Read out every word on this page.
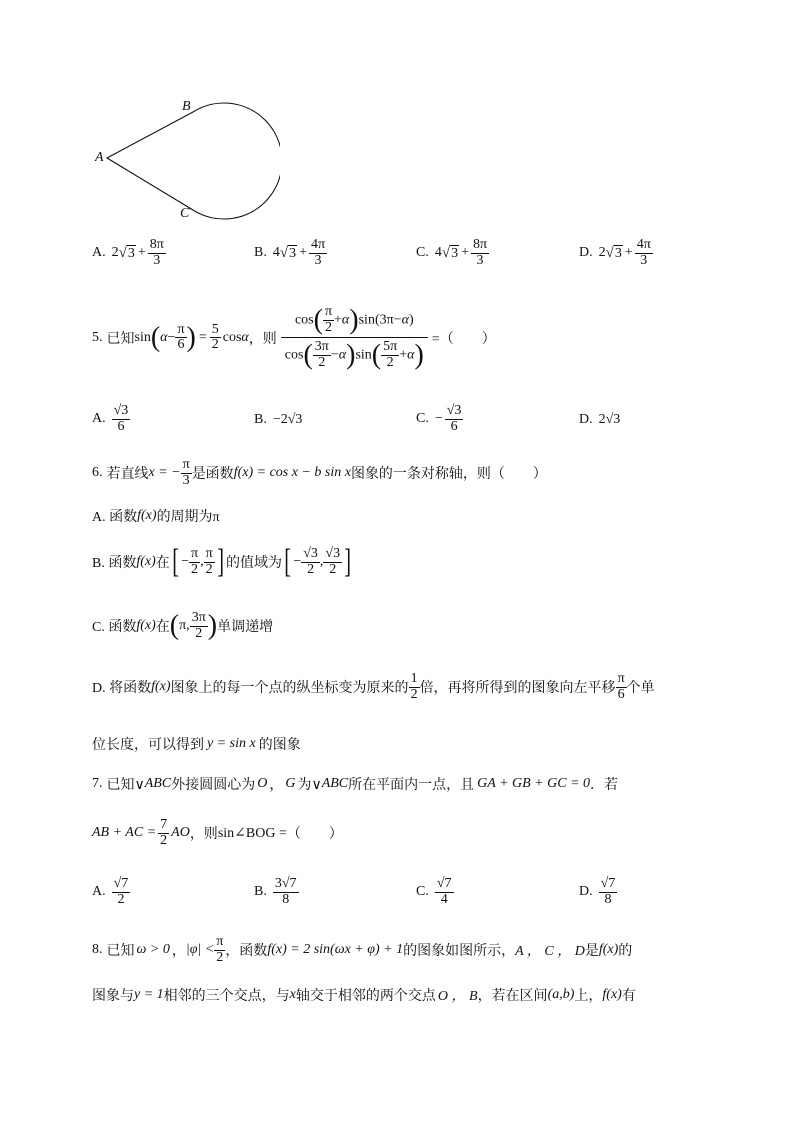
A
B
C
A. 2 √ $3 + \frac{8\pi}{3}$	B. 4 √ $3 + \frac{4\pi}{3}$	C. 4 √ $3 + \frac{8\pi}{3}$	D. 2 √ $3 + \frac{4\pi}{3}$
5. 已知 sin ( $\alpha - \frac{\pi}{6}$ ) = $\frac{5}{2}$ cos α ，则 $\frac{\cos( \frac{\pi}{2} +\alpha)\sin(3\pi-\alpha)}{\cos( \frac{3\pi}{2} -\alpha)\sin( \frac{5\pi}{2} +\alpha)}$ =（　　）
A. $\frac{√3}{6}$	B. −2√3	C. − $\frac{√3}{6}$	D. 2√3
6. 若直线 x = − $\frac{\pi}{3}$ 是函数 f(x) = cos x − b sin x 图象的一条对称轴，则（　　）
A. 函数 f(x) 的周期为π
B. 函数 f(x) 在 [ − $\frac{\pi}{2}$ , $\frac{\pi}{2}$ ] 的值域为 [ − $\frac{√3}{2}$ , $\frac{√3}{2}$ ]
C. 函数 f(x) 在 ( π, $\frac{3\pi}{2}$ ) 单调递增
D. 将函数 f(x) 图象上的每一个点的纵坐标变为原来的 $\frac{1}{2}$ 倍，再将所得到的图象向左平移 $\frac{\pi}{6}$ 个单
位长度，可以得到 y = sin x 的图象
7. 已知∨ ABC 外接圆圆心为 O ， G 为∨ ABC 所在平面内一点，且 GA + GB + GC = 0 ．若
AB + AC = $\frac{7}{2}$ AO ，则 sin∠BOG = （　　）
A. $\frac{√7}{2}$	B. $\frac{3√7}{8}$	C. $\frac{√7}{4}$	D. $\frac{√7}{8}$
8. 已知 ω > 0 ， $|\varphi| < \frac{\pi}{2}$ ，函数 f(x) = 2 sin(ωx + φ) + 1 的图象如图所示， A ， C ， D 是 f(x) 的
图象与 y = 1 相邻的三个交点，与 x 轴交于相邻的两个交点 O ， B ，若在区间 (a,b) 上， f(x) 有
